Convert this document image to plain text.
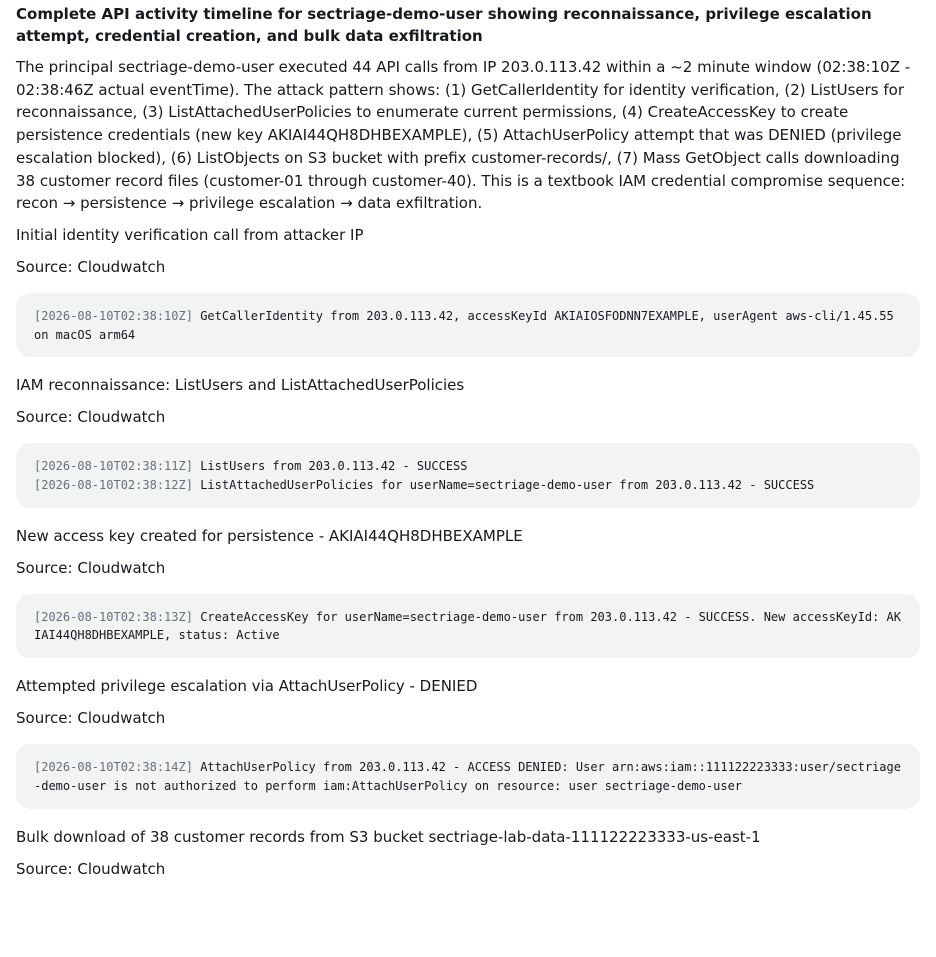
Complete API activity timeline for sectriage-demo-user showing reconnaissance, privilege escalation attempt, credential creation, and bulk data exfiltration
The principal sectriage-demo-user executed 44 API calls from IP 203.0.113.42 within a ~2 minute window (02:38:10Z - 02:38:46Z actual eventTime). The attack pattern shows: (1) GetCallerIdentity for identity verification, (2) ListUsers for reconnaissance, (3) ListAttachedUserPolicies to enumerate current permissions, (4) CreateAccessKey to create persistence credentials (new key AKIAI44QH8DHBEXAMPLE), (5) AttachUserPolicy attempt that was DENIED (privilege escalation blocked), (6) ListObjects on S3 bucket with prefix customer-records/, (7) Mass GetObject calls downloading 38 customer record files (customer-01 through customer-40). This is a textbook IAM credential compromise sequence: recon → persistence → privilege escalation → data exfiltration.
Initial identity verification call from attacker IP
Source: Cloudwatch
[2026-08-10T02:38:10Z] GetCallerIdentity from 203.0.113.42, accessKeyId AKIAIOSFODNN7EXAMPLE, userAgent aws-cli/1.45.55 on macOS arm64
IAM reconnaissance: ListUsers and ListAttachedUserPolicies
Source: Cloudwatch
[2026-08-10T02:38:11Z] ListUsers from 203.0.113.42 - SUCCESS
[2026-08-10T02:38:12Z] ListAttachedUserPolicies for userName=sectriage-demo-user from 203.0.113.42 - SUCCESS
New access key created for persistence - AKIAI44QH8DHBEXAMPLE
Source: Cloudwatch
[2026-08-10T02:38:13Z] CreateAccessKey for userName=sectriage-demo-user from 203.0.113.42 - SUCCESS. New accessKeyId: AKIAI44QH8DHBEXAMPLE, status: Active
Attempted privilege escalation via AttachUserPolicy - DENIED
Source: Cloudwatch
[2026-08-10T02:38:14Z] AttachUserPolicy from 203.0.113.42 - ACCESS DENIED: User arn:aws:iam::111122223333:user/sectriage-demo-user is not authorized to perform iam:AttachUserPolicy on resource: user sectriage-demo-user
Bulk download of 38 customer records from S3 bucket sectriage-lab-data-111122223333-us-east-1
Source: Cloudwatch
